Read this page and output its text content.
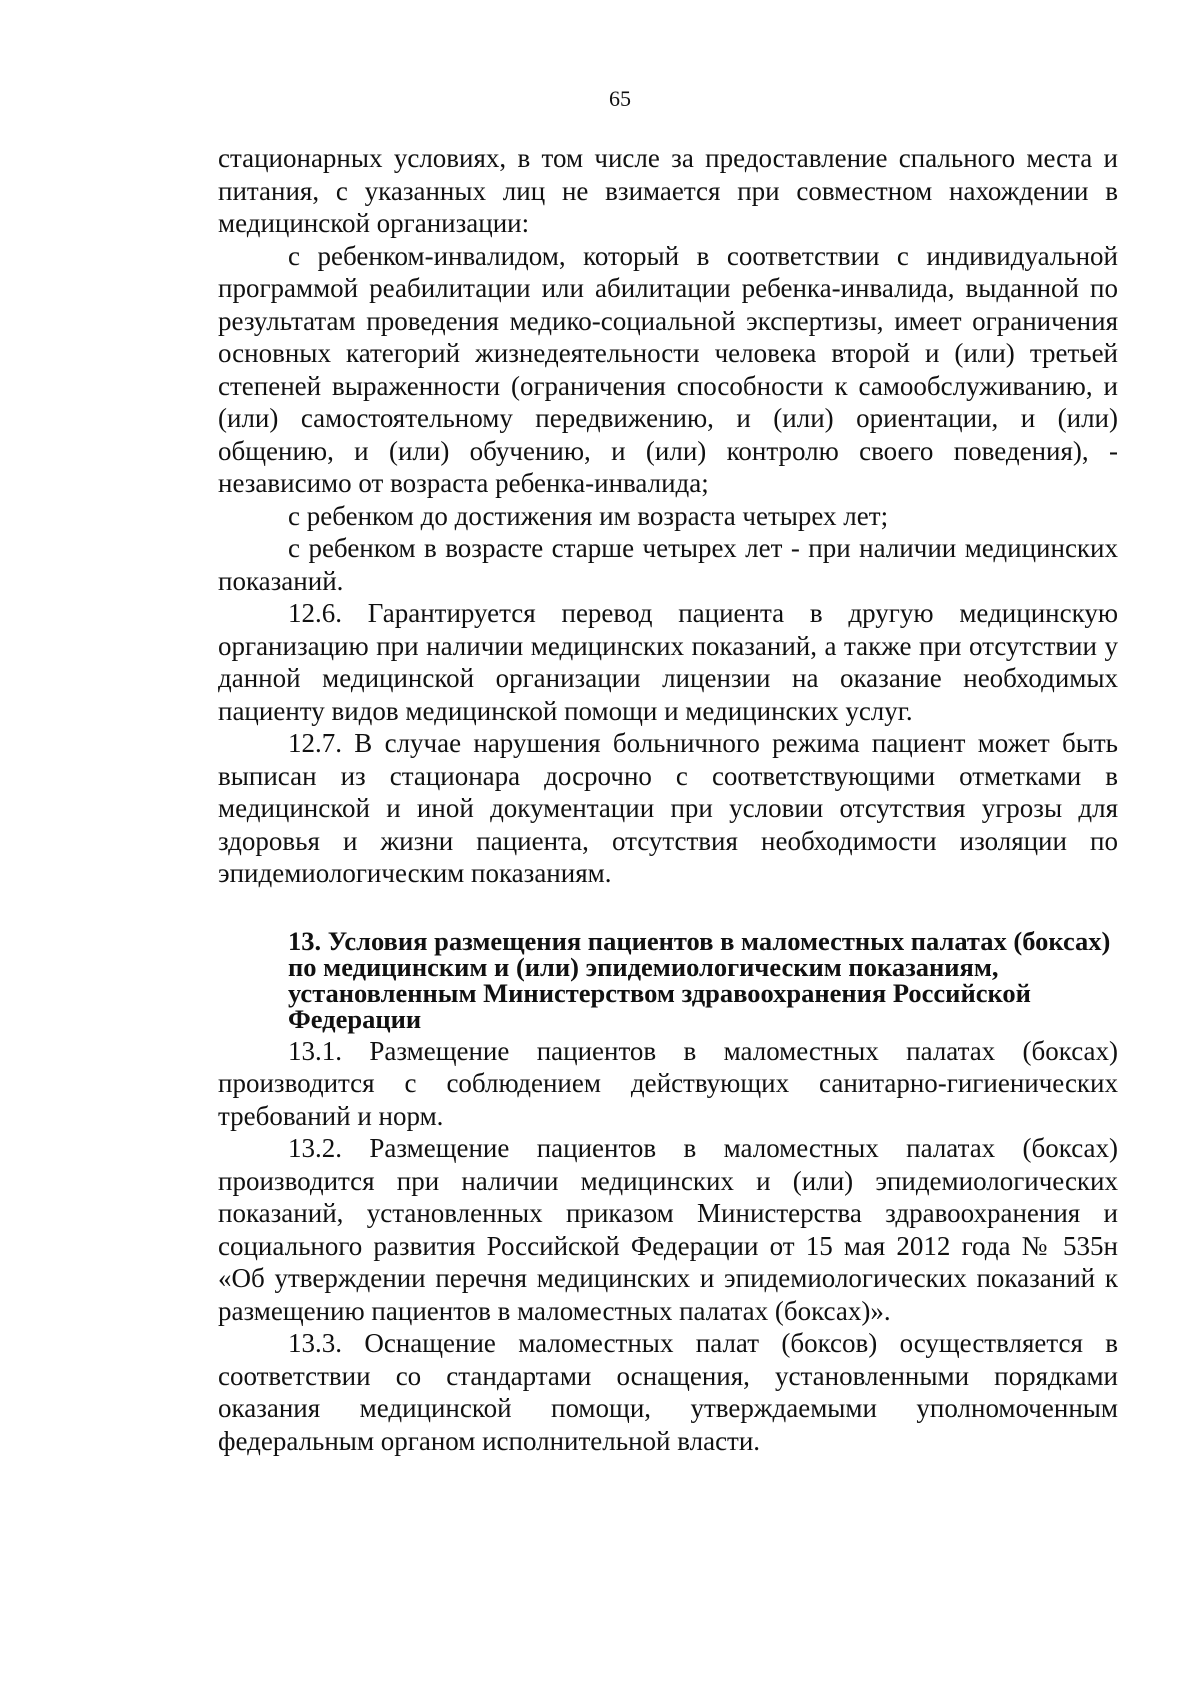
65

стационарных условиях, в том числе за предоставление спального места и питания, с указанных лиц не взимается при совместном нахождении в медицинской организации:

с ребенком-инвалидом, который в соответствии с индивидуальной программой реабилитации или абилитации ребенка-инвалида, выданной по результатам проведения медико-социальной экспертизы, имеет ограничения основных категорий жизнедеятельности человека второй и (или) третьей степеней выраженности (ограничения способности к самообслуживанию, и (или) самостоятельному передвижению, и (или) ориентации, и (или) общению, и (или) обучению, и (или) контролю своего поведения), - независимо от возраста ребенка-инвалида;

с ребенком до достижения им возраста четырех лет;

с ребенком в возрасте старше четырех лет - при наличии медицинских показаний.

12.6. Гарантируется перевод пациента в другую медицинскую организацию при наличии медицинских показаний, а также при отсутствии у данной медицинской организации лицензии на оказание необходимых пациенту видов медицинской помощи и медицинских услуг.

12.7. В случае нарушения больничного режима пациент может быть выписан из стационара досрочно с соответствующими отметками в медицинской и иной документации при условии отсутствия угрозы для здоровья и жизни пациента, отсутствия необходимости изоляции по эпидемиологическим показаниям.

13. Условия размещения пациентов в маломестных палатах (боксах) по медицинским и (или) эпидемиологическим показаниям, установленным Министерством здравоохранения Российской Федерации

13.1. Размещение пациентов в маломестных палатах (боксах) производится с соблюдением действующих санитарно-гигиенических требований и норм.

13.2. Размещение пациентов в маломестных палатах (боксах) производится при наличии медицинских и (или) эпидемиологических показаний, установленных приказом Министерства здравоохранения и социального развития Российской Федерации от 15 мая 2012 года № 535н «Об утверждении перечня медицинских и эпидемиологических показаний к размещению пациентов в маломестных палатах (боксах)».

13.3. Оснащение маломестных палат (боксов) осуществляется в соответствии со стандартами оснащения, установленными порядками оказания медицинской помощи, утверждаемыми уполномоченным федеральным органом исполнительной власти.
